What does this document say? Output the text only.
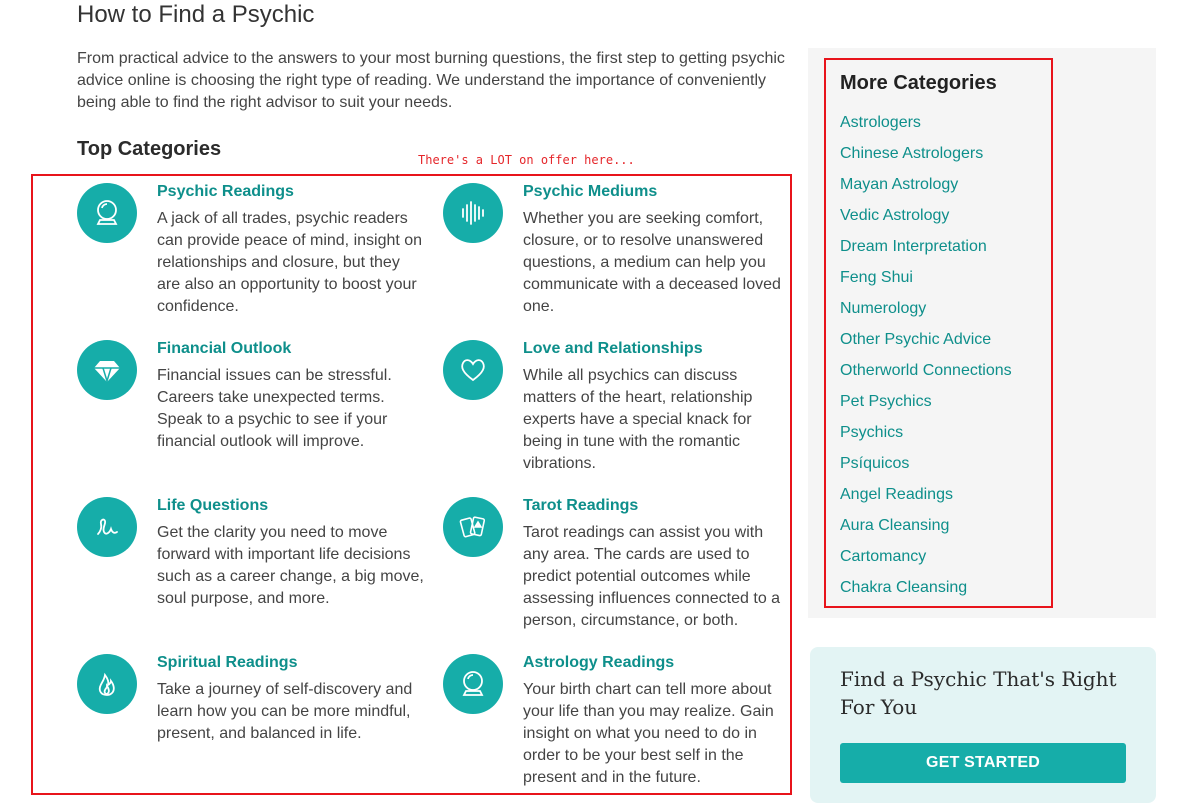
How to Find a Psychic

From practical advice to the answers to your most burning questions, the first step to getting psychic advice online is choosing the right type of reading. We understand the importance of conveniently being able to find the right advisor to suit your needs.

Top Categories	There's a LOT on offer here...
Psychic Readings

A jack of all trades, psychic readers can provide peace of mind, insight on relationships and closure, but they are also an opportunity to boost your confidence.

Psychic Mediums

Whether you are seeking comfort, closure, or to resolve unanswered questions, a medium can help you communicate with a deceased loved one.

Financial Outlook

Financial issues can be stressful. Careers take unexpected terms. Speak to a psychic to see if your financial outlook will improve.

Love and Relationships

While all psychics can discuss matters of the heart, relationship experts have a special knack for being in tune with the romantic vibrations.

Life Questions

Get the clarity you need to move forward with important life decisions such as a career change, a big move, soul purpose, and more.

Tarot Readings

Tarot readings can assist you with any area. The cards are used to predict potential outcomes while assessing influences connected to a person, circumstance, or both.

Spiritual Readings

Take a journey of self-discovery and learn how you can be more mindful, present, and balanced in life.

Astrology Readings

Your birth chart can tell more about your life than you may realize. Gain insight on what you need to do in order to be your best self in the present and in the future.

More Categories
Astrologers
Chinese Astrologers
Mayan Astrology
Vedic Astrology
Dream Interpretation
Feng Shui
Numerology
Other Psychic Advice
Otherworld Connections
Pet Psychics
Psychics
Psíquicos
Angel Readings
Aura Cleansing
Cartomancy
Chakra Cleansing
Find a Psychic That's Right For You
GET STARTED
